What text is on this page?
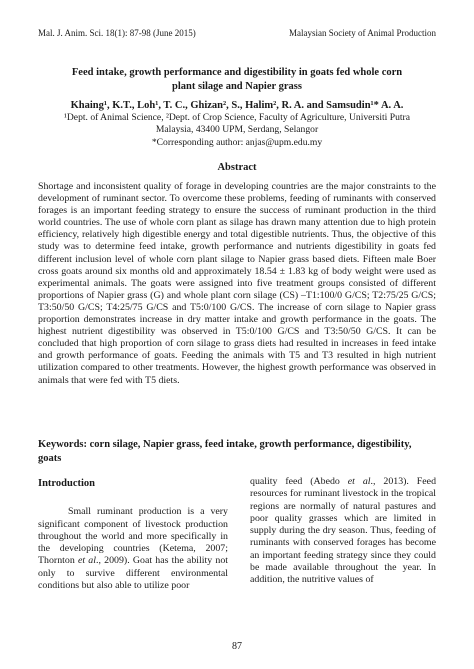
Mal. J. Anim. Sci. 18(1): 87-98 (June 2015)	Malaysian Society of Animal Production
Feed intake, growth performance and digestibility in goats fed whole corn plant silage and Napier grass
Khaing¹, K.T., Loh¹, T. C., Ghizan², S., Halim², R. A. and Samsudin¹* A. A.
¹Dept. of Animal Science, ²Dept. of Crop Science, Faculty of Agriculture, Universiti Putra
Malaysia, 43400 UPM, Serdang, Selangor
*Corresponding author: anjas@upm.edu.my
Abstract

Shortage and inconsistent quality of forage in developing countries are the major constraints to the development of ruminant sector. To overcome these problems, feeding of ruminants with conserved forages is an important feeding strategy to ensure the success of ruminant production in the third world countries. The use of whole corn plant as silage has drawn many attention due to high protein efficiency, relatively high digestible energy and total digestible nutrients. Thus, the objective of this study was to determine feed intake, growth performance and nutrients digestibility in goats fed different inclusion level of whole corn plant silage to Napier grass based diets. Fifteen male Boer cross goats around six months old and approximately 18.54 ± 1.83 kg of body weight were used as experimental animals. The goats were assigned into five treatment groups consisted of different proportions of Napier grass (G) and whole plant corn silage (CS) –T1:100/0 G/CS; T2:75/25 G/CS; T3:50/50 G/CS; T4:25/75 G/CS and T5:0/100 G/CS. The increase of corn silage to Napier grass proportion demonstrates increase in dry matter intake and growth performance in the goats. The highest nutrient digestibility was observed in T5:0/100 G/CS and T3:50/50 G/CS. It can be concluded that high proportion of corn silage to grass diets had resulted in increases in feed intake and growth performance of goats. Feeding the animals with T5 and T3 resulted in high nutrient utilization compared to other treatments. However, the highest growth performance was observed in animals that were fed with T5 diets.

Keywords: corn silage, Napier grass, feed intake, growth performance, digestibility, goats
Introduction

Small ruminant production is a very significant component of livestock production throughout the world and more specifically in the developing countries (Ketema, 2007; Thornton et al., 2009). Goat has the ability not only to survive different environmental conditions but also able to utilize poor

quality feed (Abedo et al., 2013). Feed resources for ruminant livestock in the tropical regions are normally of natural pastures and poor quality grasses which are limited in supply during the dry season. Thus, feeding of ruminants with conserved forages has become an important feeding strategy since they could be made available throughout the year. In addition, the nutritive values of

87
